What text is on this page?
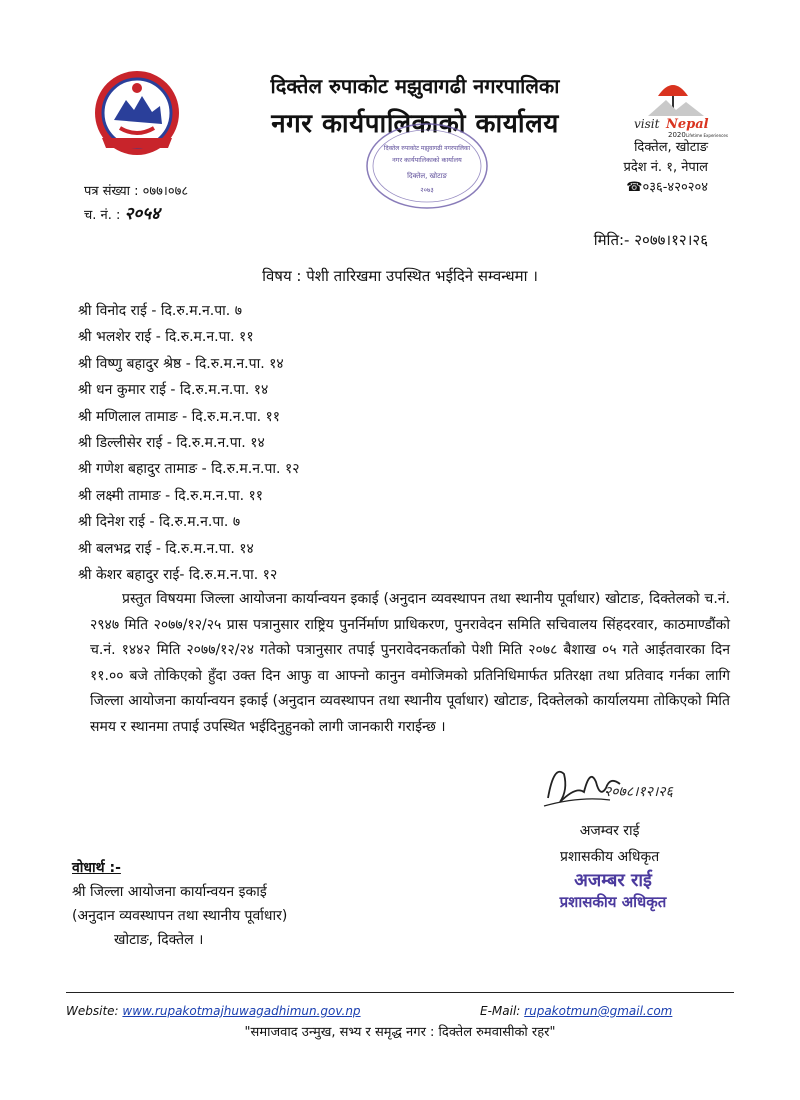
दिक्तेल रुपाकोट मझुवागढी नगरपालिका
नगर कार्यपालिकाको कार्यालय	visit Nepal
2020 Lifetime Experiences
दिक्तेल, खोटाङ
प्रदेश नं. १, नेपाल
☎०३६-४२०२०४
दिक्तेल रुपाकोट मझुवागढी नगरपालिका
नगर कार्यपालिकाको कार्यालय
दिक्तेल, खोटाङ
२०७३
पत्र संख्या : ०७७।०७८
च. नं. : २०५४
मिति:- २०७७।१२।२६
विषय : पेशी तारिखमा उपस्थित भईदिने सम्वन्धमा ।
श्री विनोद राई - दि.रु.म.न.पा. ७
श्री भलशेर राई - दि.रु.म.न.पा. ११
श्री विष्णु बहादुर श्रेष्ठ - दि.रु.म.न.पा. १४
श्री धन कुमार राई - दि.रु.म.न.पा. १४
श्री मणिलाल तामाङ - दि.रु.म.न.पा. ११
श्री डिल्लीसेर राई - दि.रु.म.न.पा. १४
श्री गणेश बहादुर तामाङ - दि.रु.म.न.पा. १२
श्री लक्ष्मी तामाङ - दि.रु.म.न.पा. ११
श्री दिनेश राई - दि.रु.म.न.पा. ७
श्री बलभद्र राई - दि.रु.म.न.पा. १४
श्री केशर बहादुर राई- दि.रु.म.न.पा. १२
प्रस्तुत विषयमा जिल्ला आयोजना कार्यान्वयन इकाई (अनुदान व्यवस्थापन तथा स्थानीय पूर्वाधार) खोटाङ, दिक्तेलको च.नं. २९४७ मिति २०७७/१२/२५ प्रास पत्रानुसार राष्ट्रिय पुनर्निर्माण प्राधिकरण, पुनरावेदन समिति सचिवालय सिंहदरवार, काठमाण्डौंको च.नं. १४४२ मिति २०७७/१२/२४ गतेको पत्रानुसार तपाई पुनरावेदनकर्ताको पेशी मिति २०७८ बैशाख ०५ गते आईतवारका दिन ११.०० बजे तोकिएको हुँदा उक्त दिन आफु वा आफ्नो कानुन वमोजिमको प्रतिनिधिमार्फत प्रतिरक्षा तथा प्रतिवाद गर्नका लागि जिल्ला आयोजना कार्यान्वयन इकाई (अनुदान व्यवस्थापन तथा स्थानीय पूर्वाधार) खोटाङ, दिक्तेलको कार्यालयमा तोकिएको मिति समय र स्थानमा तपाई उपस्थित भईदिनुहुनको लागी जानकारी गराईन्छ ।
२०७८।१२।२६
अजम्वर राई
प्रशासकीय अधिकृत
अजम्बर राई
प्रशासकीय अधिकृत
वोधार्थ :-
श्री जिल्ला आयोजना कार्यान्वयन इकाई
(अनुदान व्यवस्थापन तथा स्थानीय पूर्वाधार)
खोटाङ, दिक्तेल ।
Website: www.rupakotmajhuwagadhimun.gov.np	E-Mail: rupakotmun@gmail.com
"समाजवाद उन्मुख, सभ्य र समृद्ध नगर : दिक्तेल रुमवासीको रहर"
